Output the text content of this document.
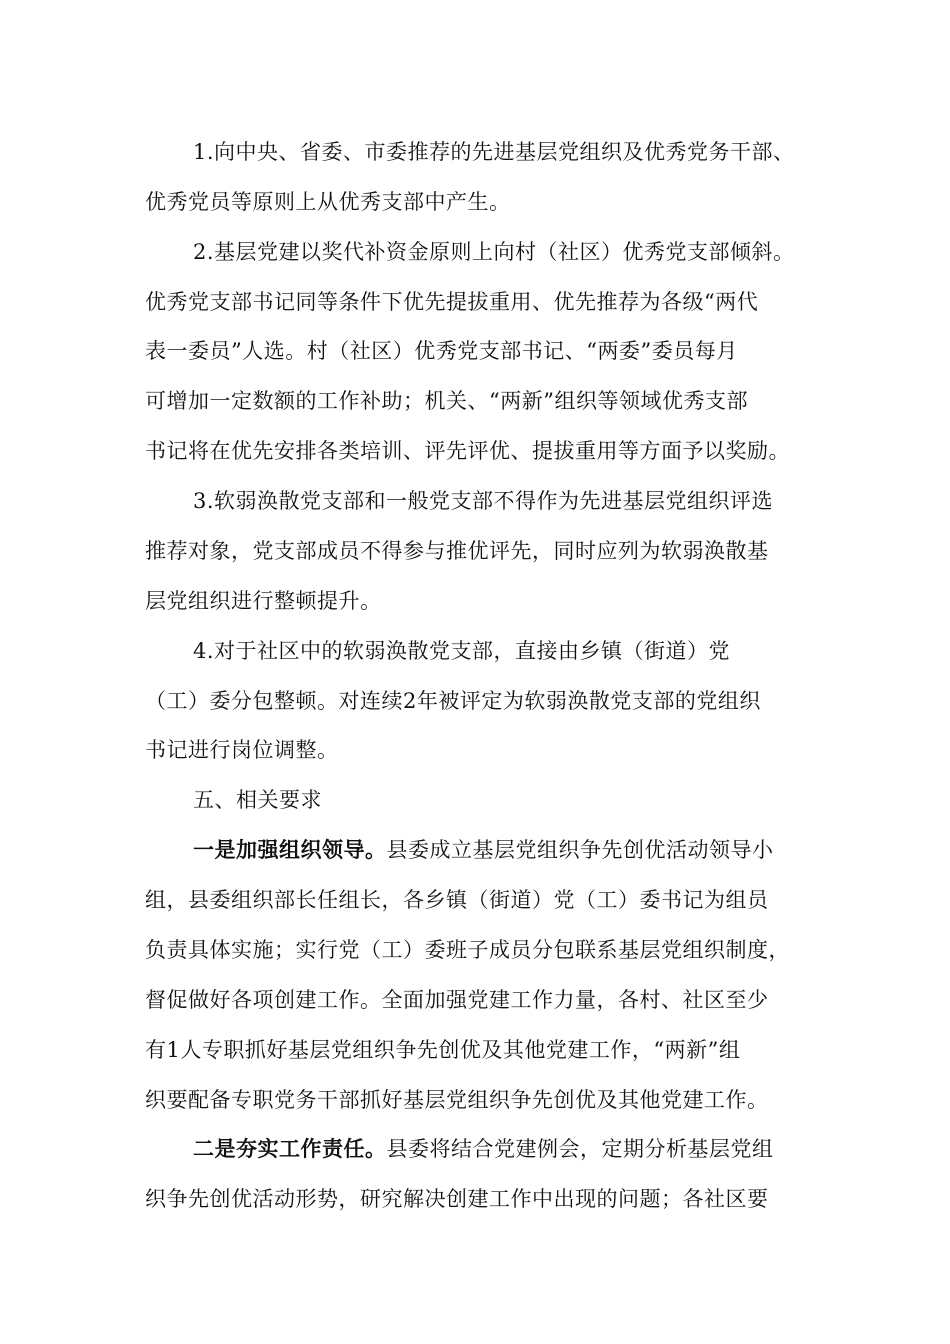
1.向中央、省委、市委推荐的先进基层党组织及优秀党务干部、
优秀党员等原则上从优秀支部中产生。
2.基层党建以奖代补资金原则上向村（社区）优秀党支部倾斜。
优秀党支部书记同等条件下优先提拔重用、优先推荐为各级“两代
表一委员”人选。村（社区）优秀党支部书记、“两委”委员每月
可增加一定数额的工作补助；机关、“两新”组织等领域优秀支部
书记将在优先安排各类培训、评先评优、提拔重用等方面予以奖励。
3.软弱涣散党支部和一般党支部不得作为先进基层党组织评选
推荐对象，党支部成员不得参与推优评先，同时应列为软弱涣散基
层党组织进行整顿提升。
4.对于社区中的软弱涣散党支部，直接由乡镇（街道）党
（工）委分包整顿。对连续2年被评定为软弱涣散党支部的党组织
书记进行岗位调整。
五、相关要求
一是加强组织领导。县委成立基层党组织争先创优活动领导小
组，县委组织部长任组长，各乡镇（街道）党（工）委书记为组员
负责具体实施；实行党（工）委班子成员分包联系基层党组织制度，
督促做好各项创建工作。全面加强党建工作力量，各村、社区至少
有1人专职抓好基层党组织争先创优及其他党建工作，“两新”组
织要配备专职党务干部抓好基层党组织争先创优及其他党建工作。
二是夯实工作责任。县委将结合党建例会，定期分析基层党组
织争先创优活动形势，研究解决创建工作中出现的问题；各社区要
